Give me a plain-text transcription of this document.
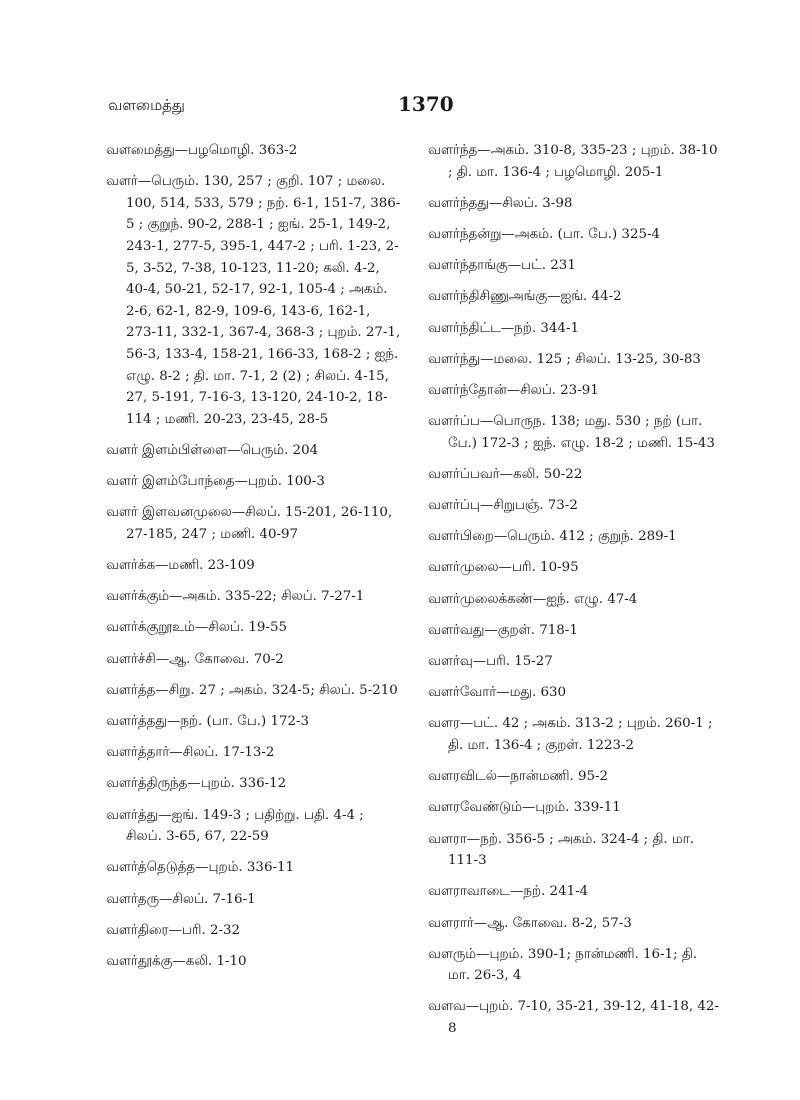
வளமைத்து	1370

வளமைத்து—பழமொழி. 363-2

வளர்—பெரும். 130, 257 ; குறி. 107 ; மலை. 100, 514, 533, 579 ; நற். 6-1, 151-7, 386-5 ; குறுந். 90-2, 288-1 ; ஐங். 25-1, 149-2, 243-1, 277-5, 395-1, 447-2 ; பரி. 1-23, 2-5, 3-52, 7-38, 10-123, 11-20; கலி. 4-2, 40-4, 50-21, 52-17, 92-1, 105-4 ; அகம். 2-6, 62-1, 82-9, 109-6, 143-6, 162-1, 273-11, 332-1, 367-4, 368-3 ; புறம். 27-1, 56-3, 133-4, 158-21, 166-33, 168-2 ; ஐந். எழு. 8-2 ; தி. மா. 7-1, 2 (2) ; சிலப். 4-15, 27, 5-191, 7-16-3, 13-120, 24-10-2, 18-114 ; மணி. 20-23, 23-45, 28-5

வளர் இளம்பிள்ளை—பெரும். 204

வளர் இளம்போந்தை—புறம். 100-3

வளர் இளவனமுலை—சிலப். 15-201, 26-110, 27-185, 247 ; மணி. 40-97

வளர்க்க—மணி. 23-109

வளர்க்கும்—அகம். 335-22; சிலப். 7-27-1

வளர்க்குறூஉம்—சிலப். 19-55

வளர்ச்சி—ஆ. கோவை. 70-2

வளர்த்த—சிறு. 27 ; அகம். 324-5; சிலப். 5-210

வளர்த்தது—நற். (பா. பே.) 172-3

வளர்த்தார்—சிலப். 17-13-2

வளர்த்திருந்த—புறம். 336-12

வளர்த்து—ஐங். 149-3 ; பதிற்று. பதி. 4-4 ; சிலப். 3-65, 67, 22-59

வளர்த்தெடுத்த—புறம். 336-11

வளர்தரு—சிலப். 7-16-1

வளர்திரை—பரி. 2-32

வளர்தூக்கு—கலி. 1-10

வளர்ந்த—அகம். 310-8, 335-23 ; புறம். 38-10 ; தி. மா. 136-4 ; பழமொழி. 205-1

வளர்ந்தது—சிலப். 3-98

வளர்ந்தன்று—அகம். (பா. பே.) 325-4

வளர்ந்தாங்கு—பட். 231

வளர்ந்திசிணுஅங்கு—ஐங். 44-2

வளர்ந்திட்ட—நற். 344-1

வளர்ந்து—மலை. 125 ; சிலப். 13-25, 30-83

வளர்ந்தோன்—சிலப். 23-91

வளர்ப்ப—பொருந. 138; மது. 530 ; நற் (பா. பே.) 172-3 ; ஐந். எழு. 18-2 ; மணி. 15-43

வளர்ப்பவர்—கலி. 50-22

வளர்ப்பு—சிறுபஞ். 73-2

வளர்பிறை—பெரும். 412 ; குறுந். 289-1

வளர்முலை—பரி. 10-95

வளர்முலைக்கண்—ஐந். எழு. 47-4

வளர்வது—குறள். 718-1

வளர்வு—பரி. 15-27

வளர்வோர்—மது. 630

வளர—பட். 42 ; அகம். 313-2 ; புறம். 260-1 ; தி. மா. 136-4 ; குறள். 1223-2

வளரவிடல்—நான்மணி. 95-2

வளரவேண்டும்—புறம். 339-11

வளரா—நற். 356-5 ; அகம். 324-4 ; தி. மா. 111-3

வளராவாடை—நற். 241-4

வளரார்—ஆ. கோவை. 8-2, 57-3

வளரும்—புறம். 390-1; நான்மணி. 16-1; தி. மா. 26-3, 4

வளவ—புறம். 7-10, 35-21, 39-12, 41-18, 42-8
